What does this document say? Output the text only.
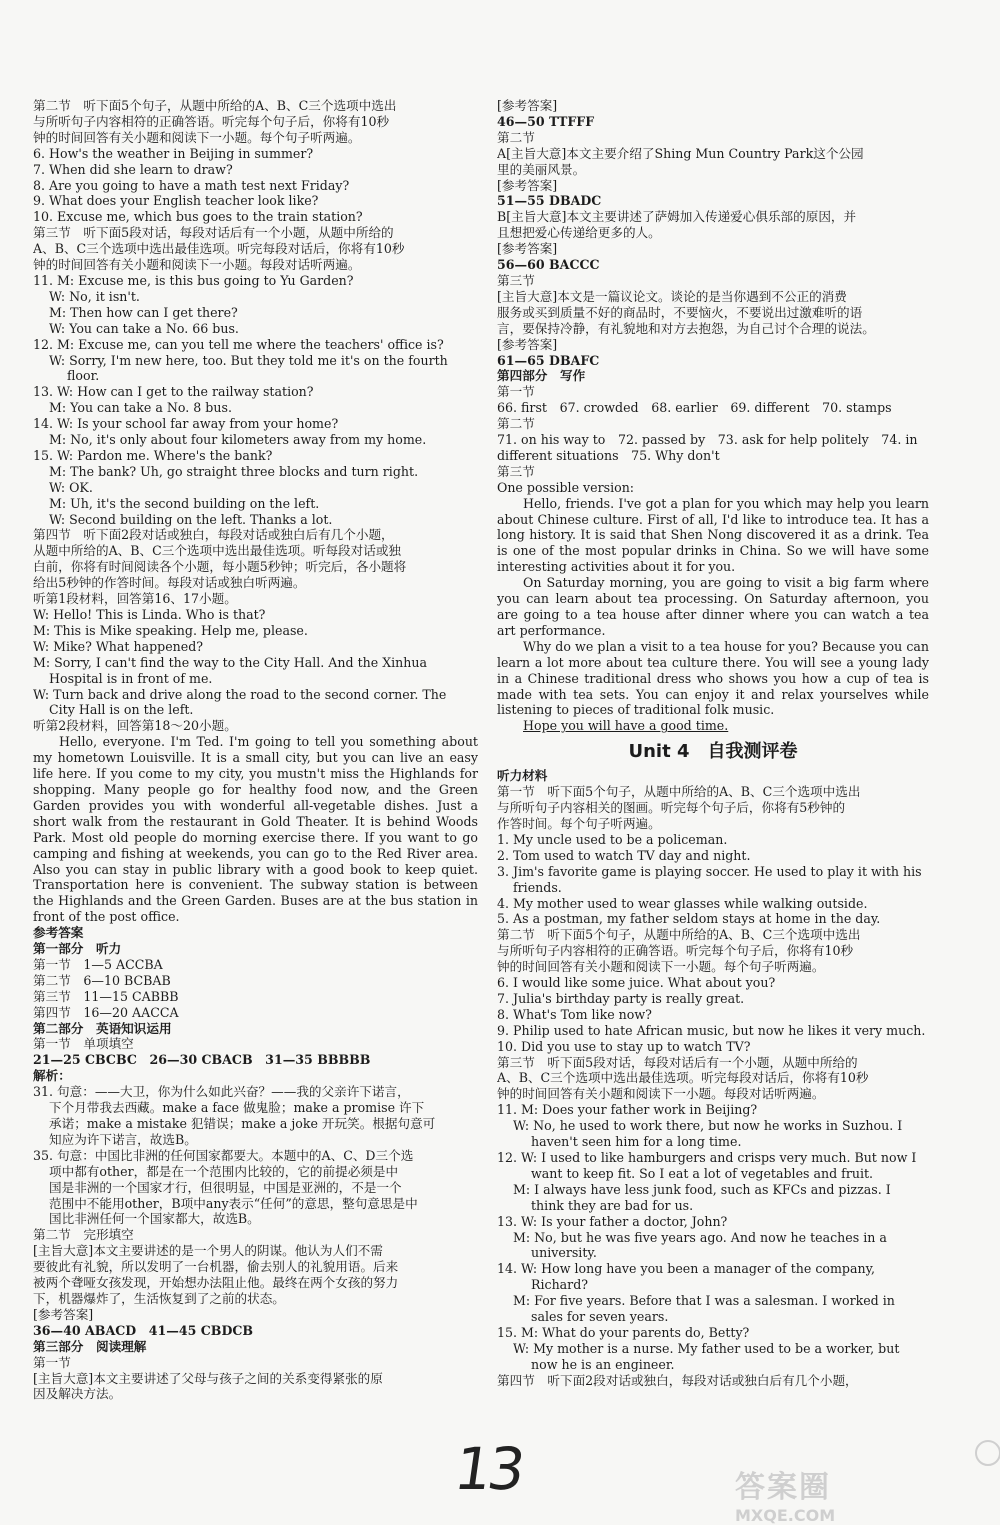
第二节　听下面5个句子，从题中所给的A、B、C三个选项中选出
与所听句子内容相符的正确答语。听完每个句子后，你将有10秒
钟的时间回答有关小题和阅读下一小题。每个句子听两遍。
6. How's the weather in Beijing in summer?
7. When did she learn to draw?
8. Are you going to have a math test next Friday?
9. What does your English teacher look like?
10. Excuse me, which bus goes to the train station?
第三节　听下面5段对话，每段对话后有一个小题，从题中所给的
A、B、C三个选项中选出最佳选项。听完每段对话后，你将有10秒
钟的时间回答有关小题和阅读下一小题。每段对话听两遍。
11. M: Excuse me, is this bus going to Yu Garden?
W: No, it isn't.
M: Then how can I get there?
W: You can take a No. 66 bus.
12. M: Excuse me, can you tell me where the teachers' office is?
W: Sorry, I'm new here, too. But they told me it's on the fourth
floor.
13. W: How can I get to the railway station?
M: You can take a No. 8 bus.
14. W: Is your school far away from your home?
M: No, it's only about four kilometers away from my home.
15. W: Pardon me. Where's the bank?
M: The bank? Uh, go straight three blocks and turn right.
W: OK.
M: Uh, it's the second building on the left.
W: Second building on the left. Thanks a lot.
第四节　听下面2段对话或独白，每段对话或独白后有几个小题，
从题中所给的A、B、C三个选项中选出最佳选项。听每段对话或独
白前，你将有时间阅读各个小题，每小题5秒钟；听完后，各小题将
给出5秒钟的作答时间。每段对话或独白听两遍。
听第1段材料，回答第16、17小题。
W: Hello! This is Linda. Who is that?
M: This is Mike speaking. Help me, please.
W: Mike? What happened?
M: Sorry, I can't find the way to the City Hall. And the Xinhua
Hospital is in front of me.
W: Turn back and drive along the road to the second corner. The
City Hall is on the left.
听第2段材料，回答第18～20小题。
Hello, everyone. I'm Ted. I'm going to tell you something about my hometown Louisville. It is a small city, but you can live an easy life here. If you come to my city, you mustn't miss the Highlands for shopping. Many people go for healthy food now, and the Green Garden provides you with wonderful all-vegetable dishes. Just a short walk from the restaurant in Gold Theater. It is behind Woods Park. Most old people do morning exercise there. If you want to go camping and fishing at weekends, you can go to the Red River area. Also you can stay in public library with a good book to keep quiet. Transportation here is convenient. The subway station is between the Highlands and the Green Garden. Buses are at the bus station in front of the post office.
参考答案
第一部分　听力
第一节　1—5 ACCBA
第二节　6—10 BCBAB
第三节　11—15 CABBB
第四节　16—20 AACCA
第二部分　英语知识运用
第一节　单项填空
21—25 CBCBC　26—30 CBACB　31—35 BBBBB
解析：
31. 句意：——大卫，你为什么如此兴奋？——我的父亲许下诺言，
下个月带我去西藏。make a face 做鬼脸；make a promise 许下
承诺；make a mistake 犯错误；make a joke 开玩笑。根据句意可
知应为许下诺言，故选B。
35. 句意：中国比非洲的任何国家都要大。本题中的A、C、D三个选
项中都有other，都是在一个范围内比较的，它的前提必须是中
国是非洲的一个国家才行，但很明显，中国是亚洲的，不是一个
范围中不能用other，B项中any表示“任何”的意思，整句意思是中
国比非洲任何一个国家都大，故选B。
第二节　完形填空
[主旨大意]本文主要讲述的是一个男人的阴谋。他认为人们不需
要彼此有礼貌，所以发明了一台机器，偷去别人的礼貌用语。后来
被两个聋哑女孩发现，开始想办法阻止他。最终在两个女孩的努力
下，机器爆炸了，生活恢复到了之前的状态。
[参考答案]
36—40 ABACD　41—45 CBDCB
第三部分　阅读理解
第一节
[主旨大意]本文主要讲述了父母与孩子之间的关系变得紧张的原
因及解决方法。
[参考答案]
46—50 TTFFF
第二节
A[主旨大意]本文主要介绍了Shing Mun Country Park这个公园
里的美丽风景。
[参考答案]
51—55 DBADC
B[主旨大意]本文主要讲述了萨姆加入传递爱心俱乐部的原因，并
且想把爱心传递给更多的人。
[参考答案]
56—60 BACCC
第三节
[主旨大意]本文是一篇议论文。谈论的是当你遇到不公正的消费
服务或买到质量不好的商品时，不要恼火，不要说出过激难听的语
言，要保持冷静，有礼貌地和对方去抱怨，为自己讨个合理的说法。
[参考答案]
61—65 DBAFC
第四部分　写作
第一节
66. first　67. crowded　68. earlier　69. different　70. stamps
第二节
71. on his way to　72. passed by　73. ask for help politely　74. in
different situations　75. Why don't
第三节
One possible version:
Hello, friends. I've got a plan for you which may help you learn about Chinese culture. First of all, I'd like to introduce tea. It has a long history. It is said that Shen Nong discovered it as a drink. Tea is one of the most popular drinks in China. So we will have some interesting activities about it for you.
On Saturday morning, you are going to visit a big farm where you can learn about tea processing. On Saturday afternoon, you are going to a tea house after dinner where you can watch a tea art performance.
Why do we plan a visit to a tea house for you? Because you can learn a lot more about tea culture there. You will see a young lady in a Chinese traditional dress who shows you how a cup of tea is made with tea sets. You can enjoy it and relax yourselves while listening to pieces of traditional folk music.
Hope you will have a good time.
Unit 4　自我测评卷
听力材料
第一节　听下面5个句子，从题中所给的A、B、C三个选项中选出
与所听句子内容相关的图画。听完每个句子后，你将有5秒钟的
作答时间。每个句子听两遍。
1. My uncle used to be a policeman.
2. Tom used to watch TV day and night.
3. Jim's favorite game is playing soccer. He used to play it with his
friends.
4. My mother used to wear glasses while walking outside.
5. As a postman, my father seldom stays at home in the day.
第二节　听下面5个句子，从题中所给的A、B、C三个选项中选出
与所听句子内容相符的正确答语。听完每个句子后，你将有10秒
钟的时间回答有关小题和阅读下一小题。每个句子听两遍。
6. I would like some juice. What about you?
7. Julia's birthday party is really great.
8. What's Tom like now?
9. Philip used to hate African music, but now he likes it very much.
10. Did you use to stay up to watch TV?
第三节　听下面5段对话，每段对话后有一个小题，从题中所给的
A、B、C三个选项中选出最佳选项。听完每段对话后，你将有10秒
钟的时间回答有关小题和阅读下一小题。每段对话听两遍。
11. M: Does your father work in Beijing?
W: No, he used to work there, but now he works in Suzhou. I
haven't seen him for a long time.
12. W: I used to like hamburgers and crisps very much. But now I
want to keep fit. So I eat a lot of vegetables and fruit.
M: I always have less junk food, such as KFCs and pizzas. I
think they are bad for us.
13. W: Is your father a doctor, John?
M: No, but he was five years ago. And now he teaches in a
university.
14. W: How long have you been a manager of the company,
Richard?
M: For five years. Before that I was a salesman. I worked in
sales for seven years.
15. M: What do your parents do, Betty?
W: My mother is a nurse. My father used to be a worker, but
now he is an engineer.
第四节　听下面2段对话或独白，每段对话或独白后有几个小题，
13	答案圈
MXQE.COM
